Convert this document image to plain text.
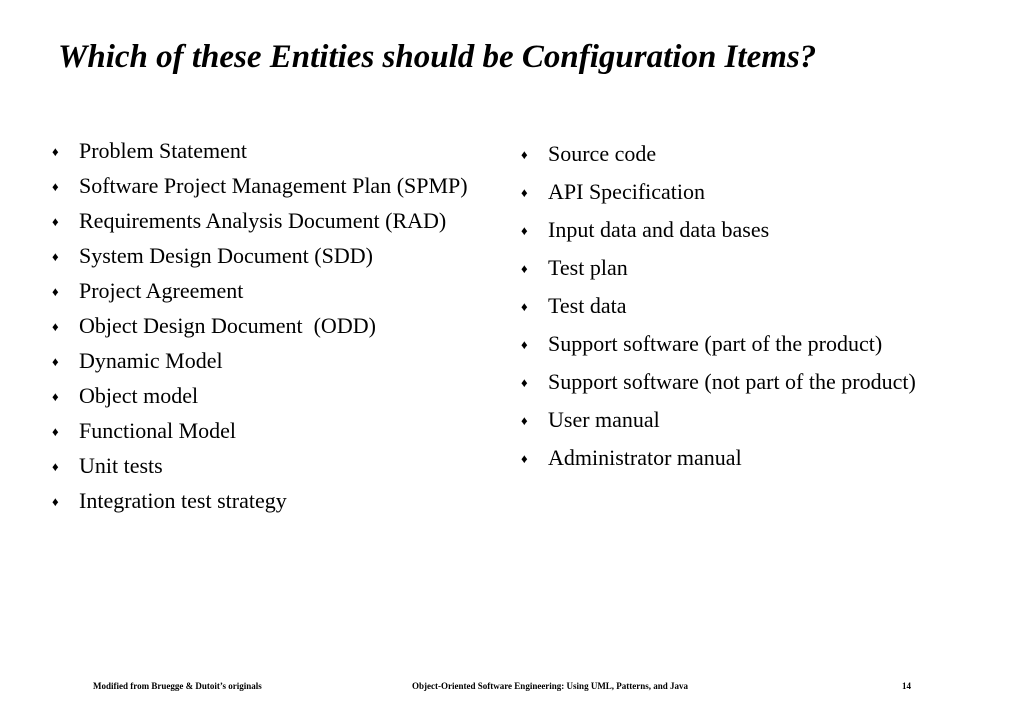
Which of these Entities should be Configuration Items?
♦ Problem Statement
♦ Software Project Management Plan (SPMP)
♦ Requirements Analysis Document (RAD)
♦ System Design Document (SDD)
♦ Project Agreement
♦ Object Design Document  (ODD)
♦ Dynamic Model
♦ Object model
♦ Functional Model
♦ Unit tests
♦ Integration test strategy
♦ Source code
♦ API Specification
♦ Input data and data bases
♦ Test plan
♦ Test data
♦ Support software (part of the product)
♦ Support software (not part of the product)
♦ User manual
♦ Administrator manual
Modified from Bruegge & Dutoit’s originals	Object-Oriented Software Engineering: Using UML, Patterns, and Java	14
